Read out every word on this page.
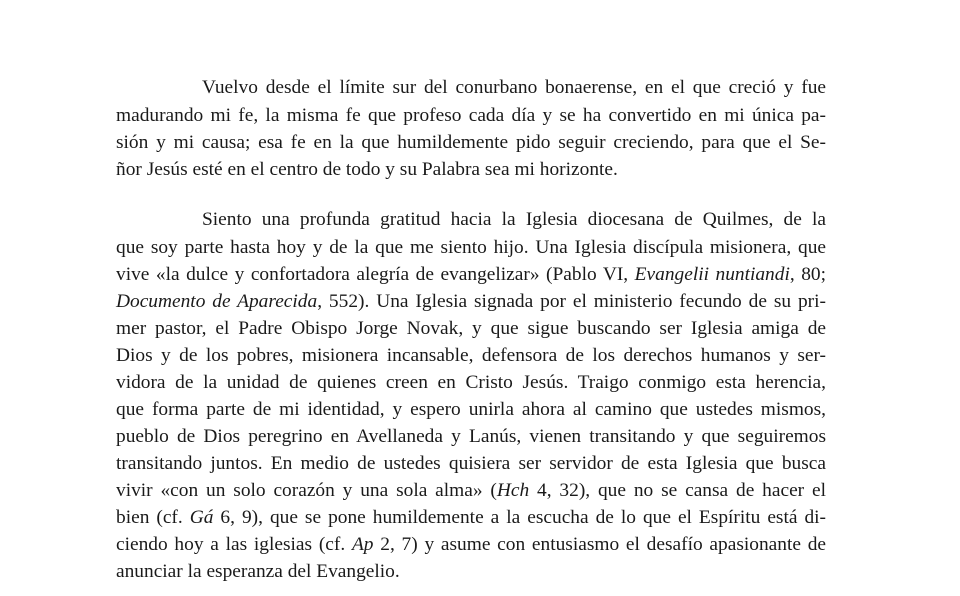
Vuelvo desde el límite sur del conurbano bonaerense, en el que creció y fue
madurando mi fe, la misma fe que profeso cada día y se ha convertido en mi única pa-
sión y mi causa; esa fe en la que humildemente pido seguir creciendo, para que el Se-
ñor Jesús esté en el centro de todo y su Palabra sea mi horizonte.
Siento una profunda gratitud hacia la Iglesia diocesana de Quilmes, de la
que soy parte hasta hoy y de la que me siento hijo. Una Iglesia discípula misionera, que
vive «la dulce y confortadora alegría de evangelizar» (Pablo VI, Evangelii nuntiandi, 80;
Documento de Aparecida, 552). Una Iglesia signada por el ministerio fecundo de su pri-
mer pastor, el Padre Obispo Jorge Novak, y que sigue buscando ser Iglesia amiga de
Dios y de los pobres, misionera incansable, defensora de los derechos humanos y ser-
vidora de la unidad de quienes creen en Cristo Jesús. Traigo conmigo esta herencia,
que forma parte de mi identidad, y espero unirla ahora al camino que ustedes mismos,
pueblo de Dios peregrino en Avellaneda y Lanús, vienen transitando y que seguiremos
transitando juntos. En medio de ustedes quisiera ser servidor de esta Iglesia que busca
vivir «con un solo corazón y una sola alma» (Hch 4, 32), que no se cansa de hacer el
bien (cf. Gá 6, 9), que se pone humildemente a la escucha de lo que el Espíritu está di-
ciendo hoy a las iglesias (cf. Ap 2, 7) y asume con entusiasmo el desafío apasionante de
anunciar la esperanza del Evangelio.
